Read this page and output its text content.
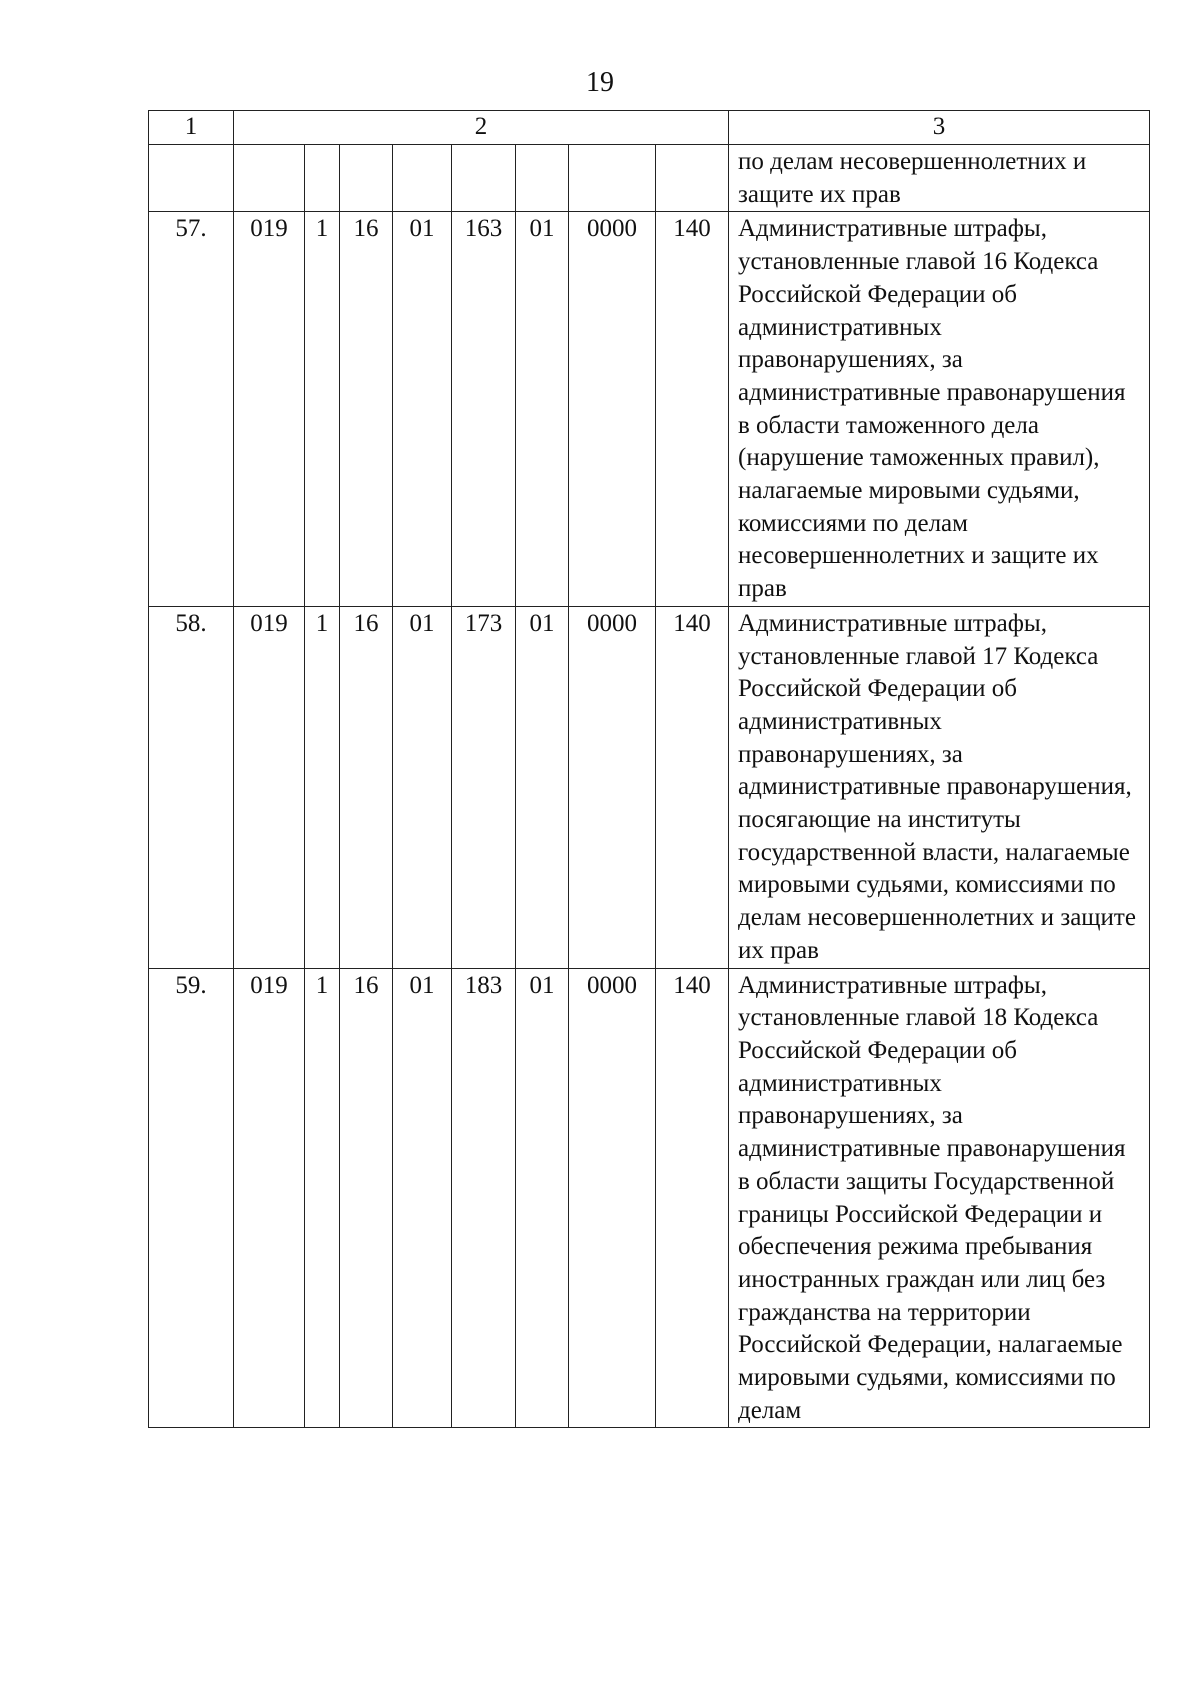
19
1	2								3
									по делам несовершеннолетних и защите их прав
57.	019	1	16	01	163	01	0000	140	Административные штрафы, установленные главой 16 Кодекса Российской Федерации об административных правонарушениях, за административные правонарушения в области таможенного дела (нарушение таможенных правил), налагаемые мировыми судьями, комиссиями по делам несовершеннолетних и защите их прав
58.	019	1	16	01	173	01	0000	140	Административные штрафы, установленные главой 17 Кодекса Российской Федерации об административных правонарушениях, за административные правонарушения, посягающие на институты государственной власти, налагаемые мировыми судьями, комиссиями по делам несовершеннолетних и защите их прав
59.	019	1	16	01	183	01	0000	140	Административные штрафы, установленные главой 18 Кодекса Российской Федерации об административных правонарушениях, за административные правонарушения в области защиты Государственной границы Российской Федерации и обеспечения режима пребывания иностранных граждан или лиц без гражданства на территории Российской Федерации, налагаемые мировыми судьями, комиссиями по делам
